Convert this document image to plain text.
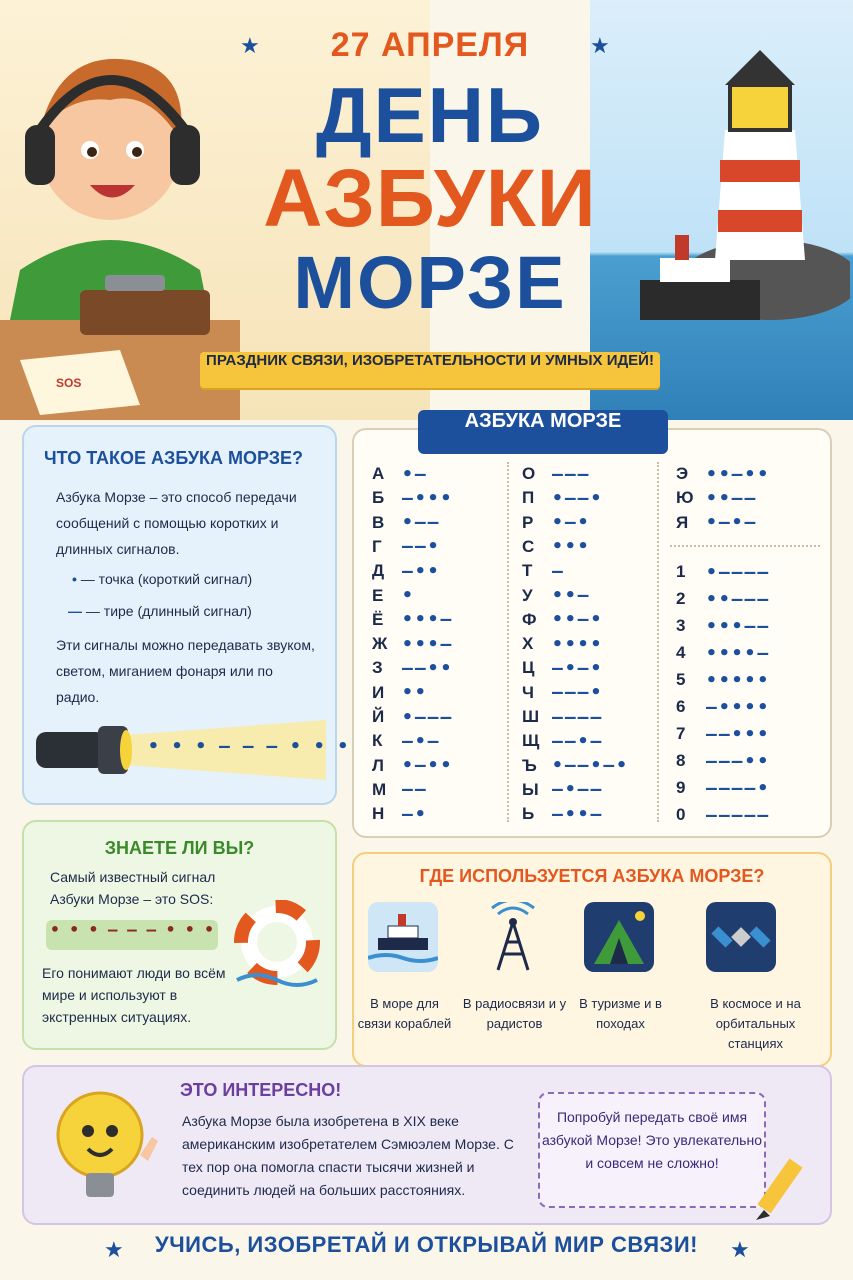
SOS
★	★
27 АПРЕЛЯ
ДЕНЬ
АЗБУКИ
МОРЗЕ
ПРАЗДНИК СВЯЗИ, ИЗОБРЕТАТЕЛЬНОСТИ И УМНЫХ ИДЕЙ!
ЧТО ТАКОЕ АЗБУКА МОРЗЕ?
Азбука Морзе – это способ передачи сообщений с помощью коротких и длинных сигналов.
• — точка (короткий сигнал)
— — тире (длинный сигнал)
Эти сигналы можно передавать звуком, светом, миганием фонаря или по радио.
• • • — — — • • •
АЗБУКА МОРЗЕ
А •—
Б —•••
В •——
Г	——•
Д —••
Е	•
Ё	•••—
Ж •••—
З	——••
И ••
Й •———
К	—•—
Л	•—••
М ——
Н —•
О ———
П •——•
Р	•—•
С •••
Т	—
У	••—
Ф ••—•
Х	••••
Ц —•—•
Ч	———•
Ш ————
Щ ——•—
Ъ •——•—•
Ы —•——
Ь —••—
Э ••—••
Ю ••——
Я •—•—
1	•————
2	••———
3	•••——
4	••••—
5	•••••
6	—••••
7	——•••
8	———••
9	————•
0	—————
ЗНАЕТЕ ЛИ ВЫ?
Самый известный сигнал Азбуки Морзе – это SOS:
• • • — — — • • •
Его понимают люди во всём мире и используют в экстренных ситуациях.
ГДЕ ИСПОЛЬЗУЕТСЯ АЗБУКА МОРЗЕ?
В море для связи кораблей
В радиосвязи и у радистов
В туризме и в походах
В космосе и на орбитальных станциях
ЭТО ИНТЕРЕСНО!
Азбука Морзе была изобретена в XIX веке американским изобретателем Сэмюэлем Морзе. С тех пор она помогла спасти тысячи жизней и соединить людей на больших расстояниях.
Попробуй передать своё имя азбукой Морзе! Это увлекательно и совсем не сложно!
★	★
УЧИСЬ, ИЗОБРЕТАЙ И ОТКРЫВАЙ МИР СВЯЗИ!
